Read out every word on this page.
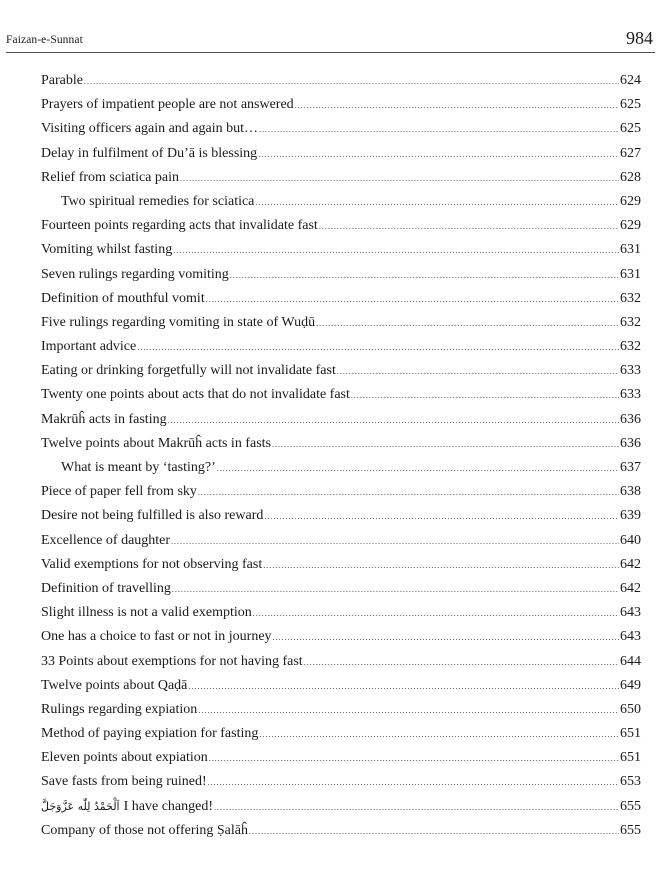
Faizan-e-Sunnat	984
Parable .....	624
Prayers of impatient people are not answered .....	625
Visiting officers again and again but… .....	625
Delay in fulfilment of Du’ā is blessing .....	627
Relief from sciatica pain .....	628
Two spiritual remedies for sciatica .....	629
Fourteen points regarding acts that invalidate fast .....	629
Vomiting whilst fasting .....	631
Seven rulings regarding vomiting .....	631
Definition of mouthful vomit .....	632
Five rulings regarding vomiting in state of Wuḍū .....	632
Important advice .....	632
Eating or drinking forgetfully will not invalidate fast .....	633
Twenty one points about acts that do not invalidate fast .....	633
Makrūĥ acts in fasting .....	636
Twelve points about Makrūĥ acts in fasts .....	636
What is meant by ‘tasting?’ .....	637
Piece of paper fell from sky .....	638
Desire not being fulfilled is also reward .....	639
Excellence of daughter .....	640
Valid exemptions for not observing fast .....	642
Definition of travelling .....	642
Slight illness is not a valid exemption .....	643
One has a choice to fast or not in journey .....	643
33 Points about exemptions for not having fast .....	644
Twelve points about Qaḍā .....	649
Rulings regarding expiation .....	650
Method of paying expiation for fasting .....	651
Eleven points about expiation .....	651
Save fasts from being ruined! .....	653
اَلْحَمْدُ لِلّٰه عَزَّوَجَلَّ I have changed! .....	655
Company of those not offering Ṣalāĥ .....	655
